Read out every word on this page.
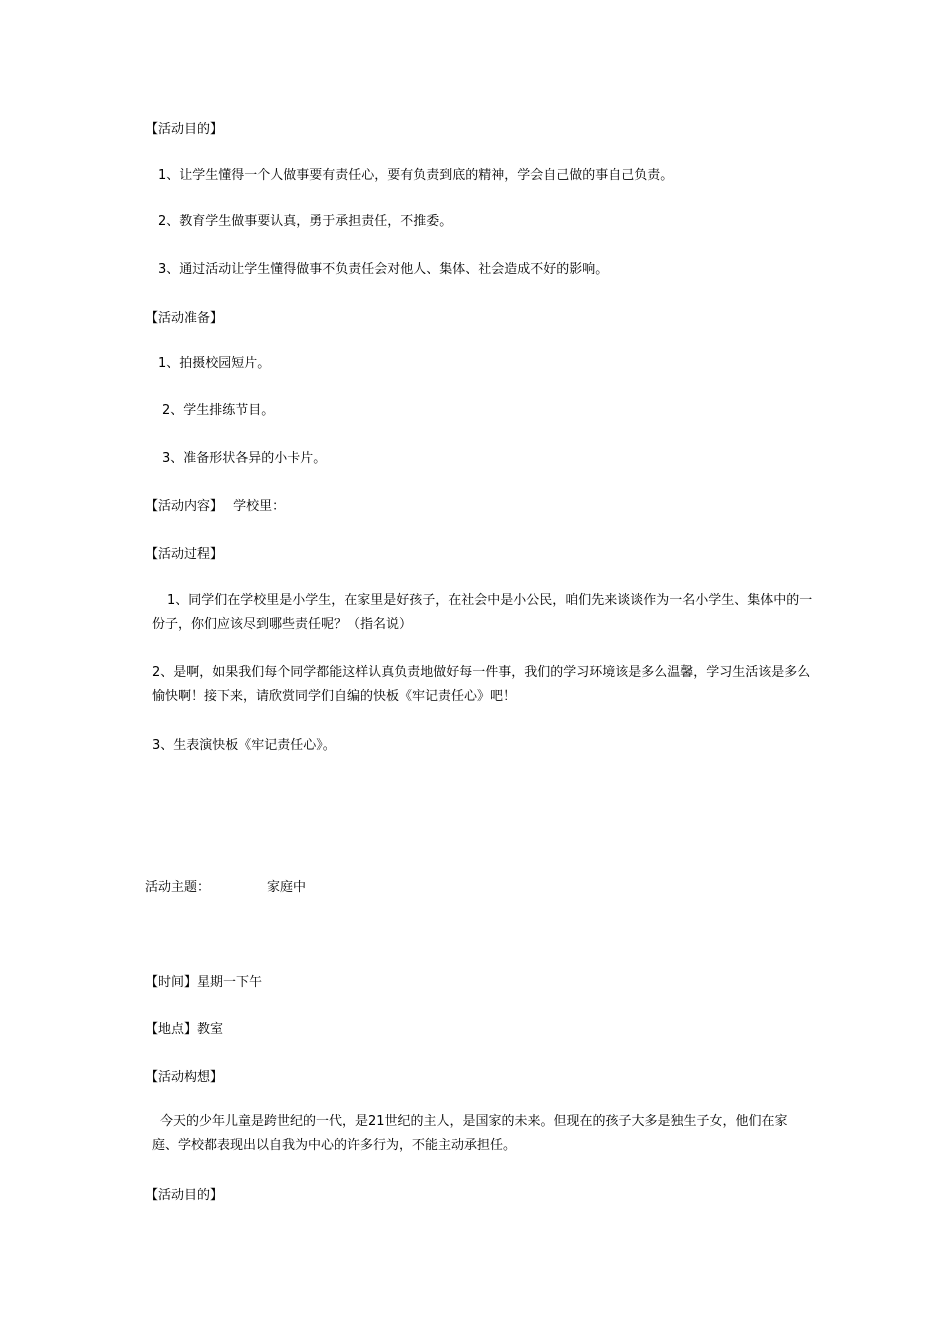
【活动目的】
1、让学生懂得一个人做事要有责任心，要有负责到底的精神，学会自己做的事自己负责。
2、教育学生做事要认真，勇于承担责任，不推委。
3、通过活动让学生懂得做事不负责任会对他人、集体、社会造成不好的影响。
【活动准备】
1、拍摄校园短片。
2、学生排练节目。
3、准备形状各异的小卡片。
【活动内容】 学校里：
【活动过程】
1、同学们在学校里是小学生，在家里是好孩子，在社会中是小公民，咱们先来谈谈作为一名小学生、集体中的一份子，你们应该尽到哪些责任呢？（指名说）
2、是啊，如果我们每个同学都能这样认真负责地做好每一件事，我们的学习环境该是多么温馨，学习生活该是多么愉快啊！接下来，请欣赏同学们自编的快板《牢记责任心》吧！
3、生表演快板《牢记责任心》。
活动主题：	家庭中
【时间】星期一下午
【地点】教室
【活动构想】
今天的少年儿童是跨世纪的一代，是21世纪的主人，是国家的未来。但现在的孩子大多是独生子女，他们在家庭、学校都表现出以自我为中心的许多行为，不能主动承担任。
【活动目的】
